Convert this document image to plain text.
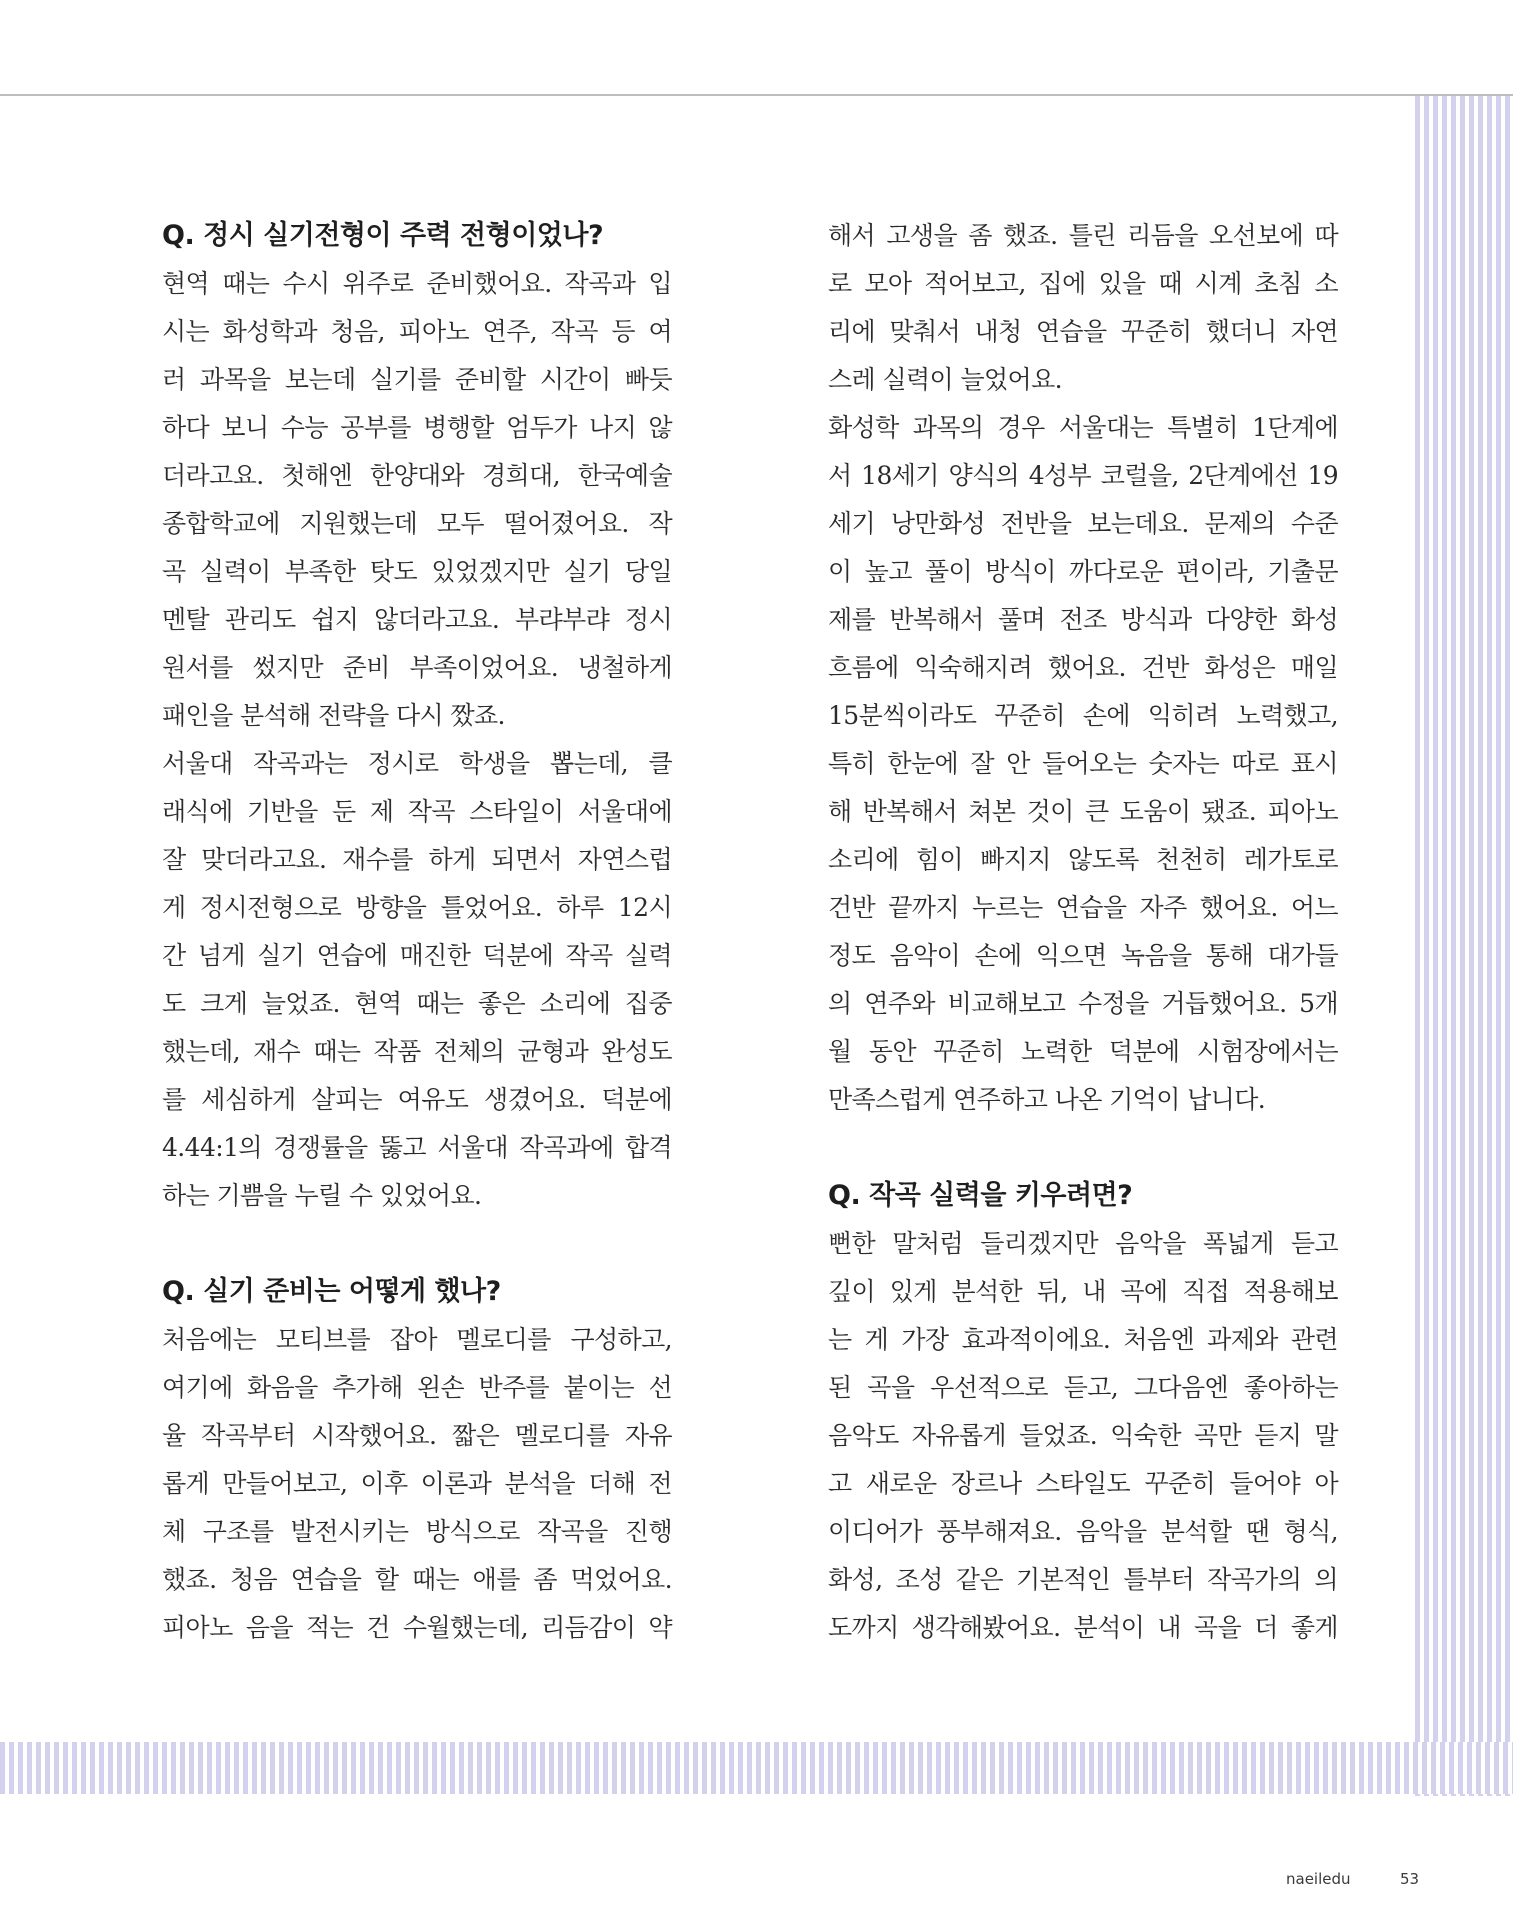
Q. 정시 실기전형이 주력 전형이었나?
현역 때는 수시 위주로 준비했어요. 작곡과 입
시는 화성학과 청음, 피아노 연주, 작곡 등 여
러 과목을 보는데 실기를 준비할 시간이 빠듯
하다 보니 수능 공부를 병행할 엄두가 나지 않
더라고요. 첫해엔 한양대와 경희대, 한국예술
종합학교에 지원했는데 모두 떨어졌어요. 작
곡 실력이 부족한 탓도 있었겠지만 실기 당일
멘탈 관리도 쉽지 않더라고요. 부랴부랴 정시
원서를 썼지만 준비 부족이었어요. 냉철하게
패인을 분석해 전략을 다시 짰죠.
서울대 작곡과는 정시로 학생을 뽑는데, 클
래식에 기반을 둔 제 작곡 스타일이 서울대에
잘 맞더라고요. 재수를 하게 되면서 자연스럽
게 정시전형으로 방향을 틀었어요. 하루 12시
간 넘게 실기 연습에 매진한 덕분에 작곡 실력
도 크게 늘었죠. 현역 때는 좋은 소리에 집중
했는데, 재수 때는 작품 전체의 균형과 완성도
를 세심하게 살피는 여유도 생겼어요. 덕분에
4.44:1의 경쟁률을 뚫고 서울대 작곡과에 합격
하는 기쁨을 누릴 수 있었어요.
Q. 실기 준비는 어떻게 했나?
처음에는 모티브를 잡아 멜로디를 구성하고,
여기에 화음을 추가해 왼손 반주를 붙이는 선
율 작곡부터 시작했어요. 짧은 멜로디를 자유
롭게 만들어보고, 이후 이론과 분석을 더해 전
체 구조를 발전시키는 방식으로 작곡을 진행
했죠. 청음 연습을 할 때는 애를 좀 먹었어요.
피아노 음을 적는 건 수월했는데, 리듬감이 약
해서 고생을 좀 했죠. 틀린 리듬을 오선보에 따
로 모아 적어보고, 집에 있을 때 시계 초침 소
리에 맞춰서 내청 연습을 꾸준히 했더니 자연
스레 실력이 늘었어요.
화성학 과목의 경우 서울대는 특별히 1단계에
서 18세기 양식의 4성부 코럴을, 2단계에선 19
세기 낭만화성 전반을 보는데요. 문제의 수준
이 높고 풀이 방식이 까다로운 편이라, 기출문
제를 반복해서 풀며 전조 방식과 다양한 화성
흐름에 익숙해지려 했어요. 건반 화성은 매일
15분씩이라도 꾸준히 손에 익히려 노력했고,
특히 한눈에 잘 안 들어오는 숫자는 따로 표시
해 반복해서 쳐본 것이 큰 도움이 됐죠. 피아노
소리에 힘이 빠지지 않도록 천천히 레가토로
건반 끝까지 누르는 연습을 자주 했어요. 어느
정도 음악이 손에 익으면 녹음을 통해 대가들
의 연주와 비교해보고 수정을 거듭했어요. 5개
월 동안 꾸준히 노력한 덕분에 시험장에서는
만족스럽게 연주하고 나온 기억이 납니다.
Q. 작곡 실력을 키우려면?
뻔한 말처럼 들리겠지만 음악을 폭넓게 듣고
깊이 있게 분석한 뒤, 내 곡에 직접 적용해보
는 게 가장 효과적이에요. 처음엔 과제와 관련
된 곡을 우선적으로 듣고, 그다음엔 좋아하는
음악도 자유롭게 들었죠. 익숙한 곡만 듣지 말
고 새로운 장르나 스타일도 꾸준히 들어야 아
이디어가 풍부해져요. 음악을 분석할 땐 형식,
화성, 조성 같은 기본적인 틀부터 작곡가의 의
도까지 생각해봤어요. 분석이 내 곡을 더 좋게
naeiledu	53
